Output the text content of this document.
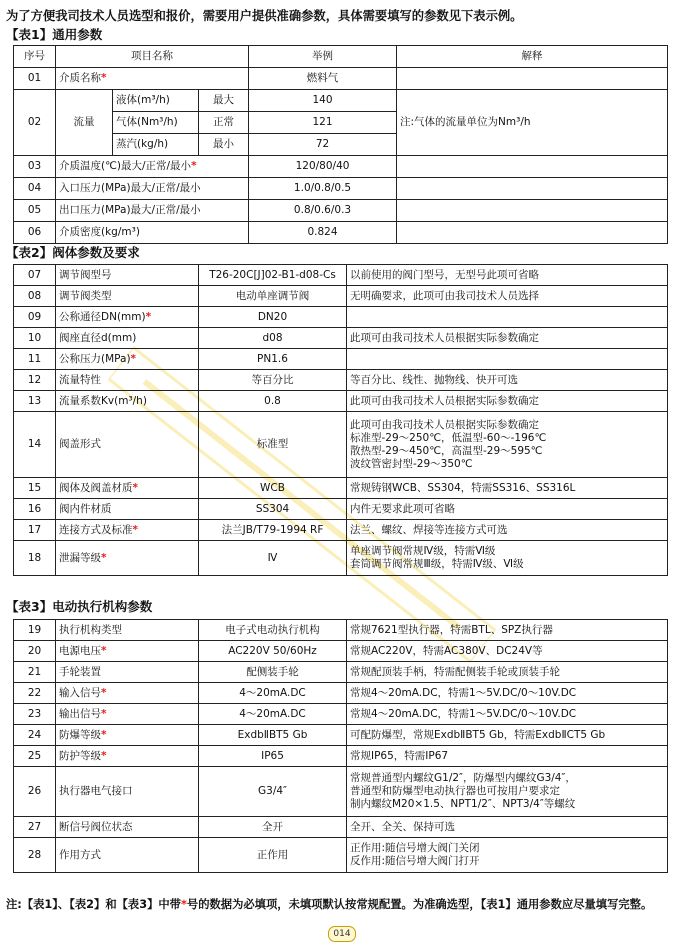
为了方便我司技术人员选型和报价，需要用户提供准确参数，具体需要填写的参数见下表示例。
【表1】通用参数
序号	项目名称			举例	解释
01	介质名称*			燃料气	
02	流量	液体(m³/h)	最大	140	注:气体的流量单位为Nm³/h
		气体(Nm³/h)	正常	121	
		蒸汽(kg/h)	最小	72	
03	介质温度(℃)最大/正常/最小*			120/80/40	
04	入口压力(MPa)最大/正常/最小			1.0/0.8/0.5	
05	出口压力(MPa)最大/正常/最小			0.8/0.6/0.3	
06	介质密度(kg/m³)			0.824	
【表2】阀体参数及要求
07	调节阀型号	T26-20C[J]02-B1-d08-Cs	以前使用的阀门型号，无型号此项可省略
08	调节阀类型	电动单座调节阀	无明确要求，此项可由我司技术人员选择
09	公称通径DN(mm)*	DN20	
10	阀座直径d(mm)	d08	此项可由我司技术人员根据实际参数确定
11	公称压力(MPa)*	PN1.6	
12	流量特性	等百分比	等百分比、线性、抛物线、快开可选
13	流量系数Kv(m³/h)	0.8	此项可由我司技术人员根据实际参数确定
14	阀盖形式	标准型	此项可由我司技术人员根据实际参数确定
标准型-29～250℃，低温型-60～-196℃
散热型-29～450℃，高温型-29～595℃
波纹管密封型-29～350℃

15	阀体及阀盖材质*	WCB	常规铸钢WCB、SS304，特需SS316、SS316L
16	阀内件材质	SS304	内件无要求此项可省略
17	连接方式及标准*	法兰JB/T79-1994 RF	法兰、螺纹、焊接等连接方式可选
18	泄漏等级*	Ⅳ	单座调节阀常规Ⅳ级，特需Ⅵ级
套筒调节阀常规Ⅲ级，特需Ⅳ级、Ⅵ级
【表3】电动执行机构参数
19	执行机构类型	电子式电动执行机构	常规7621型执行器，特需BTL、SPZ执行器
20	电源电压*	AC220V 50/60Hz	常规AC220V，特需AC380V、DC24V等
21	手轮装置	配侧装手轮	常规配顶装手柄，特需配侧装手轮或顶装手轮
22	输入信号*	4～20mA.DC	常规4～20mA.DC，特需1～5V.DC/0～10V.DC
23	输出信号*	4～20mA.DC	常规4～20mA.DC，特需1～5V.DC/0～10V.DC
24	防爆等级*	ExdbⅡBT5 Gb	可配防爆型，常规ExdbⅡBT5 Gb，特需ExdbⅡCT5 Gb
25	防护等级*	IP65	常规IP65，特需IP67
26	执行器电气接口	G3/4″	常规普通型内螺纹G1/2″，防爆型内螺纹G3/4″，
普通型和防爆型电动执行器也可按用户要求定
制内螺纹M20×1.5、NPT1/2″、NPT3/4″等螺纹

27	断信号阀位状态	全开	全开、全关、保持可选
28	作用方式	正作用	正作用:随信号增大阀门关闭
反作用:随信号增大阀门打开
注:【表1】、【表2】和【表3】中带*号的数据为必填项，未填项默认按常规配置。为准确选型，【表1】通用参数应尽量填写完整。
014
